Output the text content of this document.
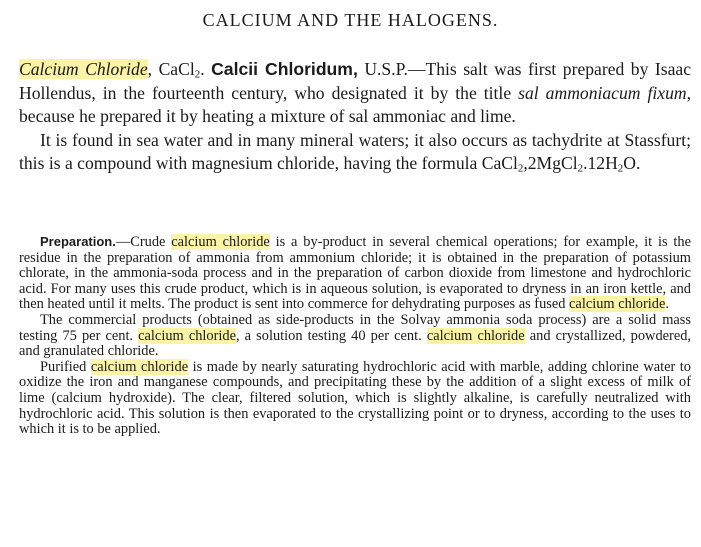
CALCIUM AND THE HALOGENS.

Calcium Chloride, CaCl$_2$. Calcii Chloridum, U.S.P.—This salt was first prepared by Isaac Hollendus, in the fourteenth century, who designated it by the title sal ammoniacum fixum, because he prepared it by heating a mixture of sal ammoniac and lime.

It is found in sea water and in many mineral waters; it also occurs as tachydrite at Stassfurt; this is a compound with magnesium chloride, having the formula $CaCl_2,2MgCl_2.12H_2O$.

Preparation.—Crude calcium chloride is a by-product in several chemical operations; for example, it is the residue in the preparation of ammonia from ammonium chloride; it is obtained in the preparation of potassium chlorate, in the ammonia-soda process and in the preparation of carbon dioxide from limestone and hydrochloric acid. For many uses this crude product, which is in aqueous solution, is evaporated to dryness in an iron kettle, and then heated until it melts. The product is sent into commerce for dehydrating purposes as fused calcium chloride.

The commercial products (obtained as side-products in the Solvay ammonia soda process) are a solid mass testing 75 per cent. calcium chloride, a solution testing 40 per cent. calcium chloride and crystallized, powdered, and granulated chloride.

Purified calcium chloride is made by nearly saturating hydrochloric acid with marble, adding chlorine water to oxidize the iron and manganese compounds, and precipitating these by the addition of a slight excess of milk of lime (calcium hydroxide). The clear, filtered solution, which is slightly alkaline, is carefully neutralized with hydrochloric acid. This solution is then evaporated to the crystallizing point or to dryness, according to the uses to which it is to be applied.
